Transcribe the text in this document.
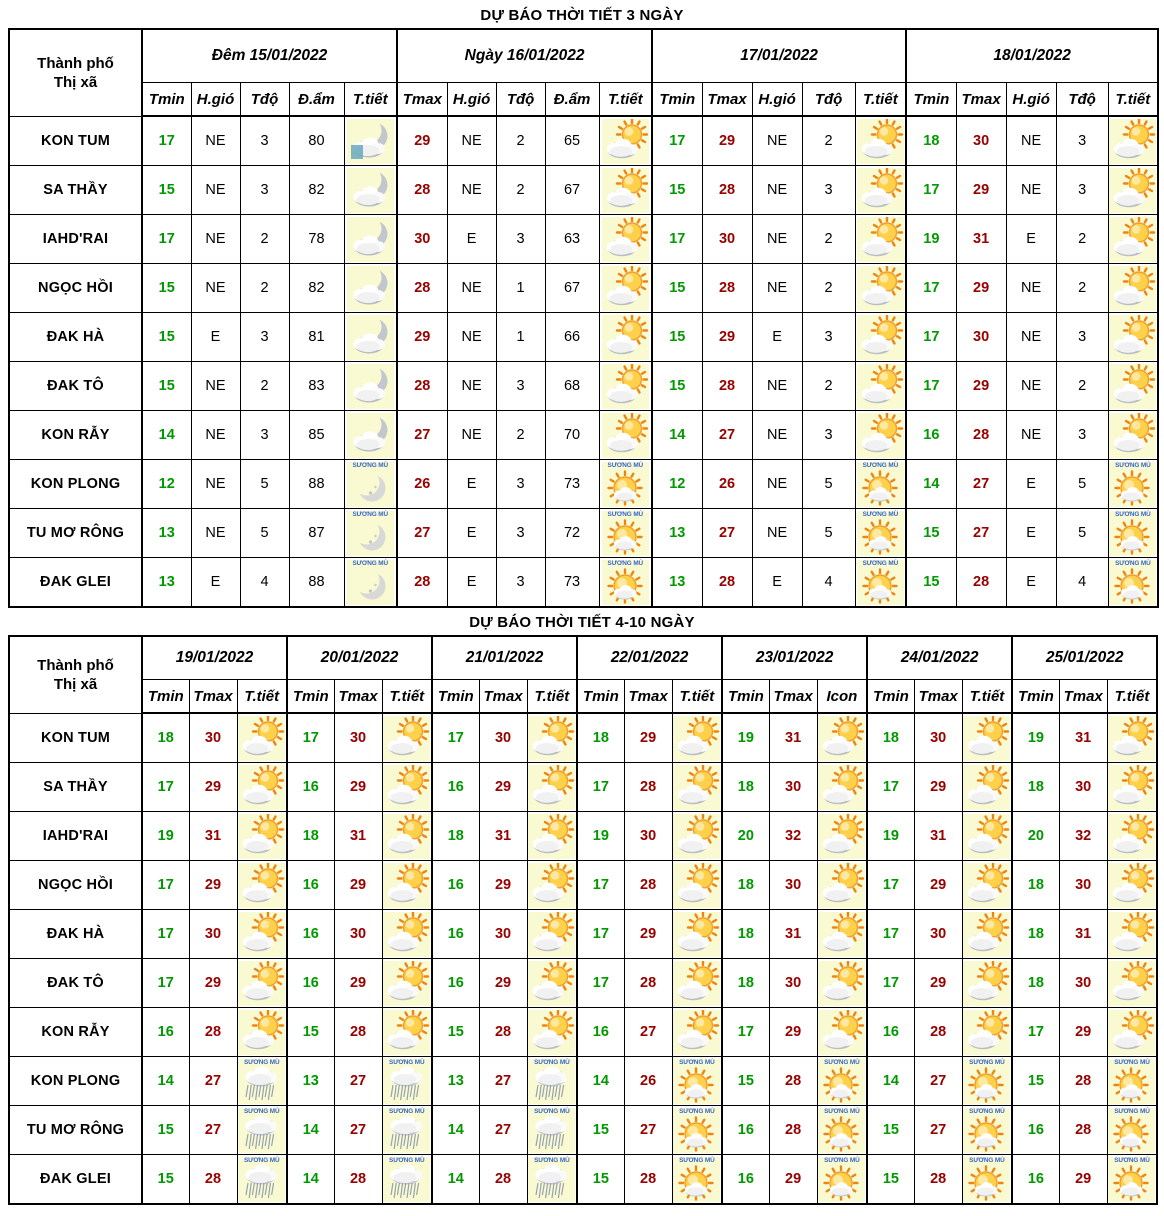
DỰ BÁO THỜI TIẾT 3 NGÀY
Thành phố
Thị xã	Đêm 15/01/2022					Ngày 16/01/2022					17/01/2022					18/01/2022				
	Tmin	H.gió	Tđộ	Đ.ẩm	T.tiết	Tmax	H.gió	Tđộ	Đ.ẩm	T.tiết	Tmin	Tmax	H.gió	Tđộ	T.tiết	Tmin	Tmax	H.gió	Tđộ	T.tiết
KON TUM	17	NE	3	80		29	NE	2	65		17	29	NE	2		18	30	NE	3	

SA THẦY	15	NE	3	82		28	NE	2	67		15	28	NE	3		17	29	NE	3	

IAHD'RAI	17	NE	2	78		30	E	3	63		17	30	NE	2		19	31	E	2	

NGỌC HỒI	15	NE	2	82		28	NE	1	67		15	28	NE	2		17	29	NE	2	

ĐAK HÀ	15	E	3	81		29	NE	1	66		15	29	E	3		17	30	NE	3	

ĐAK TÔ	15	NE	2	83		28	NE	3	68		15	28	NE	2		17	29	NE	2	

KON RẪY	14	NE	3	85		27	NE	2	70		14	27	NE	3		16	28	NE	3	

KON PLONG	12	NE	5	88	SƯƠNG MÙ	26	E	3	73	SƯƠNG MÙ	12	26	NE	5	SƯƠNG MÙ	14	27	E	5	SƯƠNG MÙ

TU MƠ RÔNG	13	NE	5	87	SƯƠNG MÙ	27	E	3	72	SƯƠNG MÙ	13	27	NE	5	SƯƠNG MÙ	15	27	E	5	SƯƠNG MÙ

ĐAK GLEI	13	E	4	88	SƯƠNG MÙ	28	E	3	73	SƯƠNG MÙ	13	28	E	4	SƯƠNG MÙ	15	28	E	4	SƯƠNG MÙ
DỰ BÁO THỜI TIẾT 4-10 NGÀY
Thành phố
Thị xã	19/01/2022			20/01/2022			21/01/2022			22/01/2022			23/01/2022			24/01/2022			25/01/2022		
	Tmin	Tmax	T.tiết	Tmin	Tmax	T.tiết	Tmin	Tmax	T.tiết	Tmin	Tmax	T.tiết	Tmin	Tmax	Icon	Tmin	Tmax	T.tiết	Tmin	Tmax	T.tiết
KON TUM	18	30		17	30		17	30		18	29		19	31		18	30		19	31	

SA THẦY	17	29		16	29		16	29		17	28		18	30		17	29		18	30	

IAHD'RAI	19	31		18	31		18	31		19	30		20	32		19	31		20	32	

NGỌC HỒI	17	29		16	29		16	29		17	28		18	30		17	29		18	30	

ĐAK HÀ	17	30		16	30		16	30		17	29		18	31		17	30		18	31	

ĐAK TÔ	17	29		16	29		16	29		17	28		18	30		17	29		18	30	

KON RẪY	16	28		15	28		15	28		16	27		17	29		16	28		17	29	

KON PLONG	14	27	SƯƠNG MÙ	13	27	SƯƠNG MÙ	13	27	SƯƠNG MÙ	14	26	SƯƠNG MÙ	15	28	SƯƠNG MÙ	14	27	SƯƠNG MÙ	15	28	SƯƠNG MÙ

TU MƠ RÔNG	15	27	SƯƠNG MÙ	14	27	SƯƠNG MÙ	14	27	SƯƠNG MÙ	15	27	SƯƠNG MÙ	16	28	SƯƠNG MÙ	15	27	SƯƠNG MÙ	16	28	SƯƠNG MÙ

ĐAK GLEI	15	28	SƯƠNG MÙ	14	28	SƯƠNG MÙ	14	28	SƯƠNG MÙ	15	28	SƯƠNG MÙ	16	29	SƯƠNG MÙ	15	28	SƯƠNG MÙ	16	29	SƯƠNG MÙ
